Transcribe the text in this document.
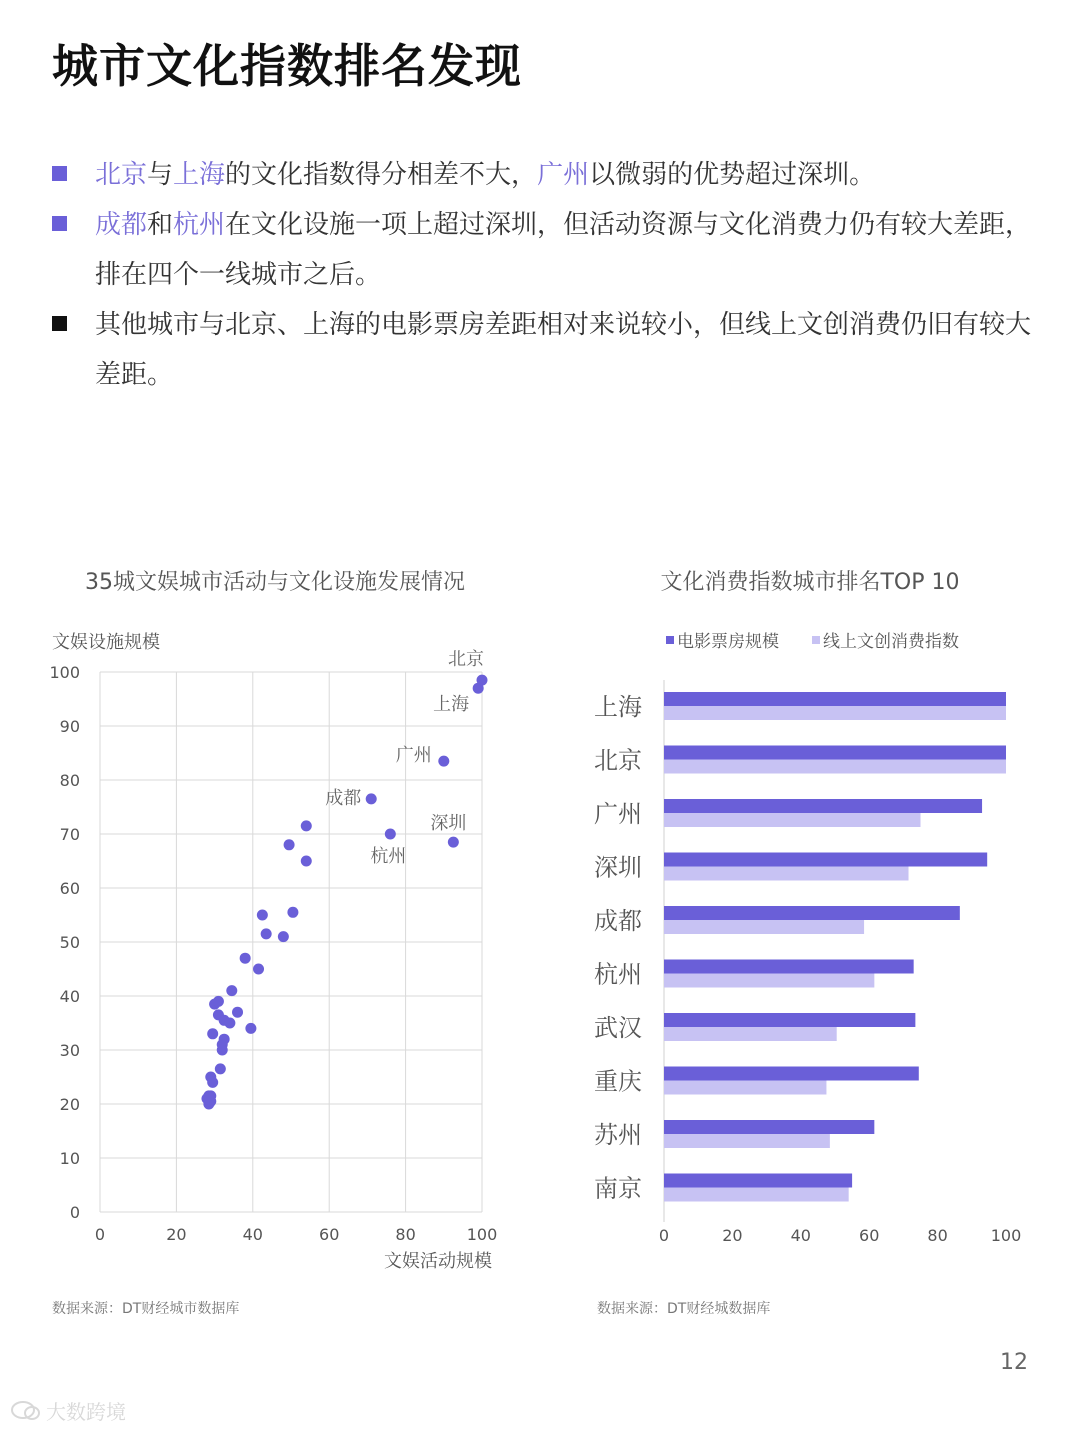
城市文化指数排名发现
北京与上海的文化指数得分相差不大，广州以微弱的优势超过深圳。
成都和杭州在文化设施一项上超过深圳，但活动资源与文化消费力仍有较大差距，排在四个一线城市之后。
其他城市与北京、上海的电影票房差距相对来说较小，但线上文创消费仍旧有较大差距。
35城文娱城市活动与文化设施发展情况
0	20	40	60	80	100
0
10
20
30
40
50
60
70
80
90
100
文娱设施规模
文娱活动规模
北京
上海
广州
成都
杭州
深圳
数据来源：DT财经城市数据库
文化消费指数城市排名TOP 10
电影票房规模	线上文创消费指数
上海
北京
广州
深圳
成都
杭州
武汉
重庆
苏州
南京
0	20	40	60	80	100
数据来源：DT财经城数据库
12
大数跨境
